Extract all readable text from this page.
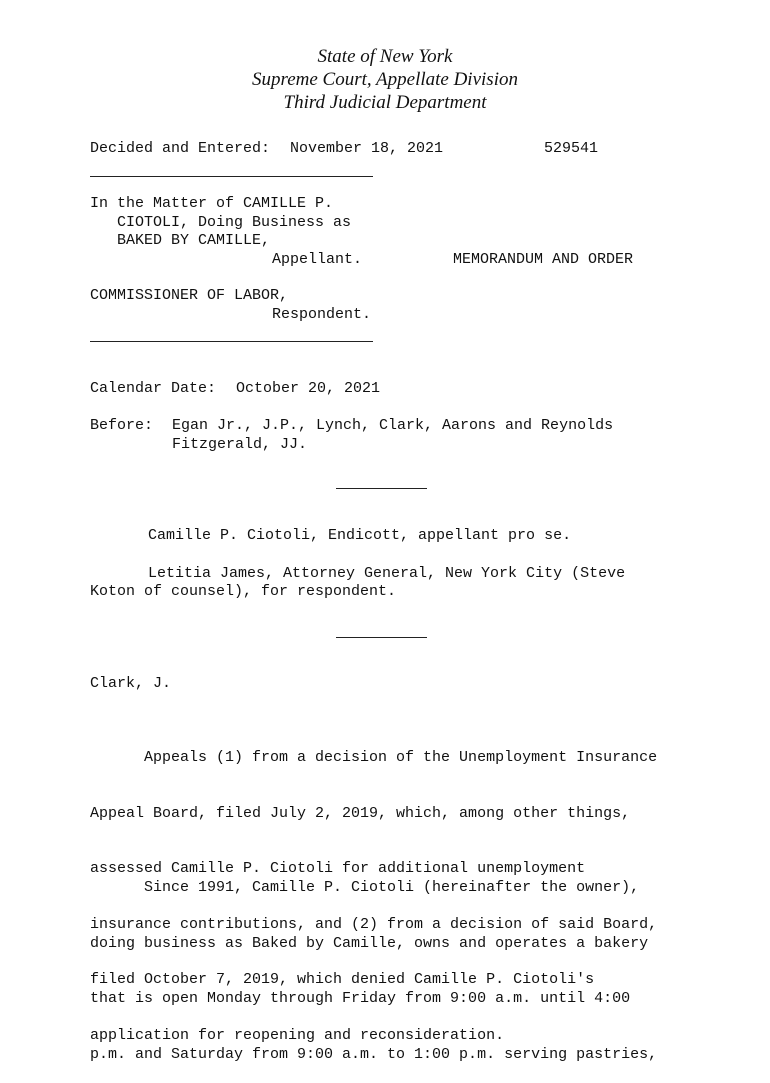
State of New York
Supreme Court, Appellate Division
Third Judicial Department
Decided and Entered: November 18, 2021	529541
In the Matter of CAMILLE P.
CIOTOLI, Doing Business as
BAKED BY CAMILLE,
Appellant.	MEMORANDUM AND ORDER
COMMISSIONER OF LABOR,
Respondent.
Calendar Date: October 20, 2021
Before: Egan Jr., J.P., Lynch, Clark, Aarons and Reynolds
Fitzgerald, JJ.
Camille P. Ciotoli, Endicott, appellant pro se.
Letitia James, Attorney General, New York City (Steve
Koton of counsel), for respondent.
Clark, J.

Appeals (1) from a decision of the Unemployment Insurance

Appeal Board, filed July 2, 2019, which, among other things,

assessed Camille P. Ciotoli for additional unemployment

insurance contributions, and (2) from a decision of said Board,

filed October 7, 2019, which denied Camille P. Ciotoli's

application for reopening and reconsideration.

Since 1991, Camille P. Ciotoli (hereinafter the owner),

doing business as Baked by Camille, owns and operates a bakery

that is open Monday through Friday from 9:00 a.m. until 4:00

p.m. and Saturday from 9:00 a.m. to 1:00 p.m. serving pastries,
